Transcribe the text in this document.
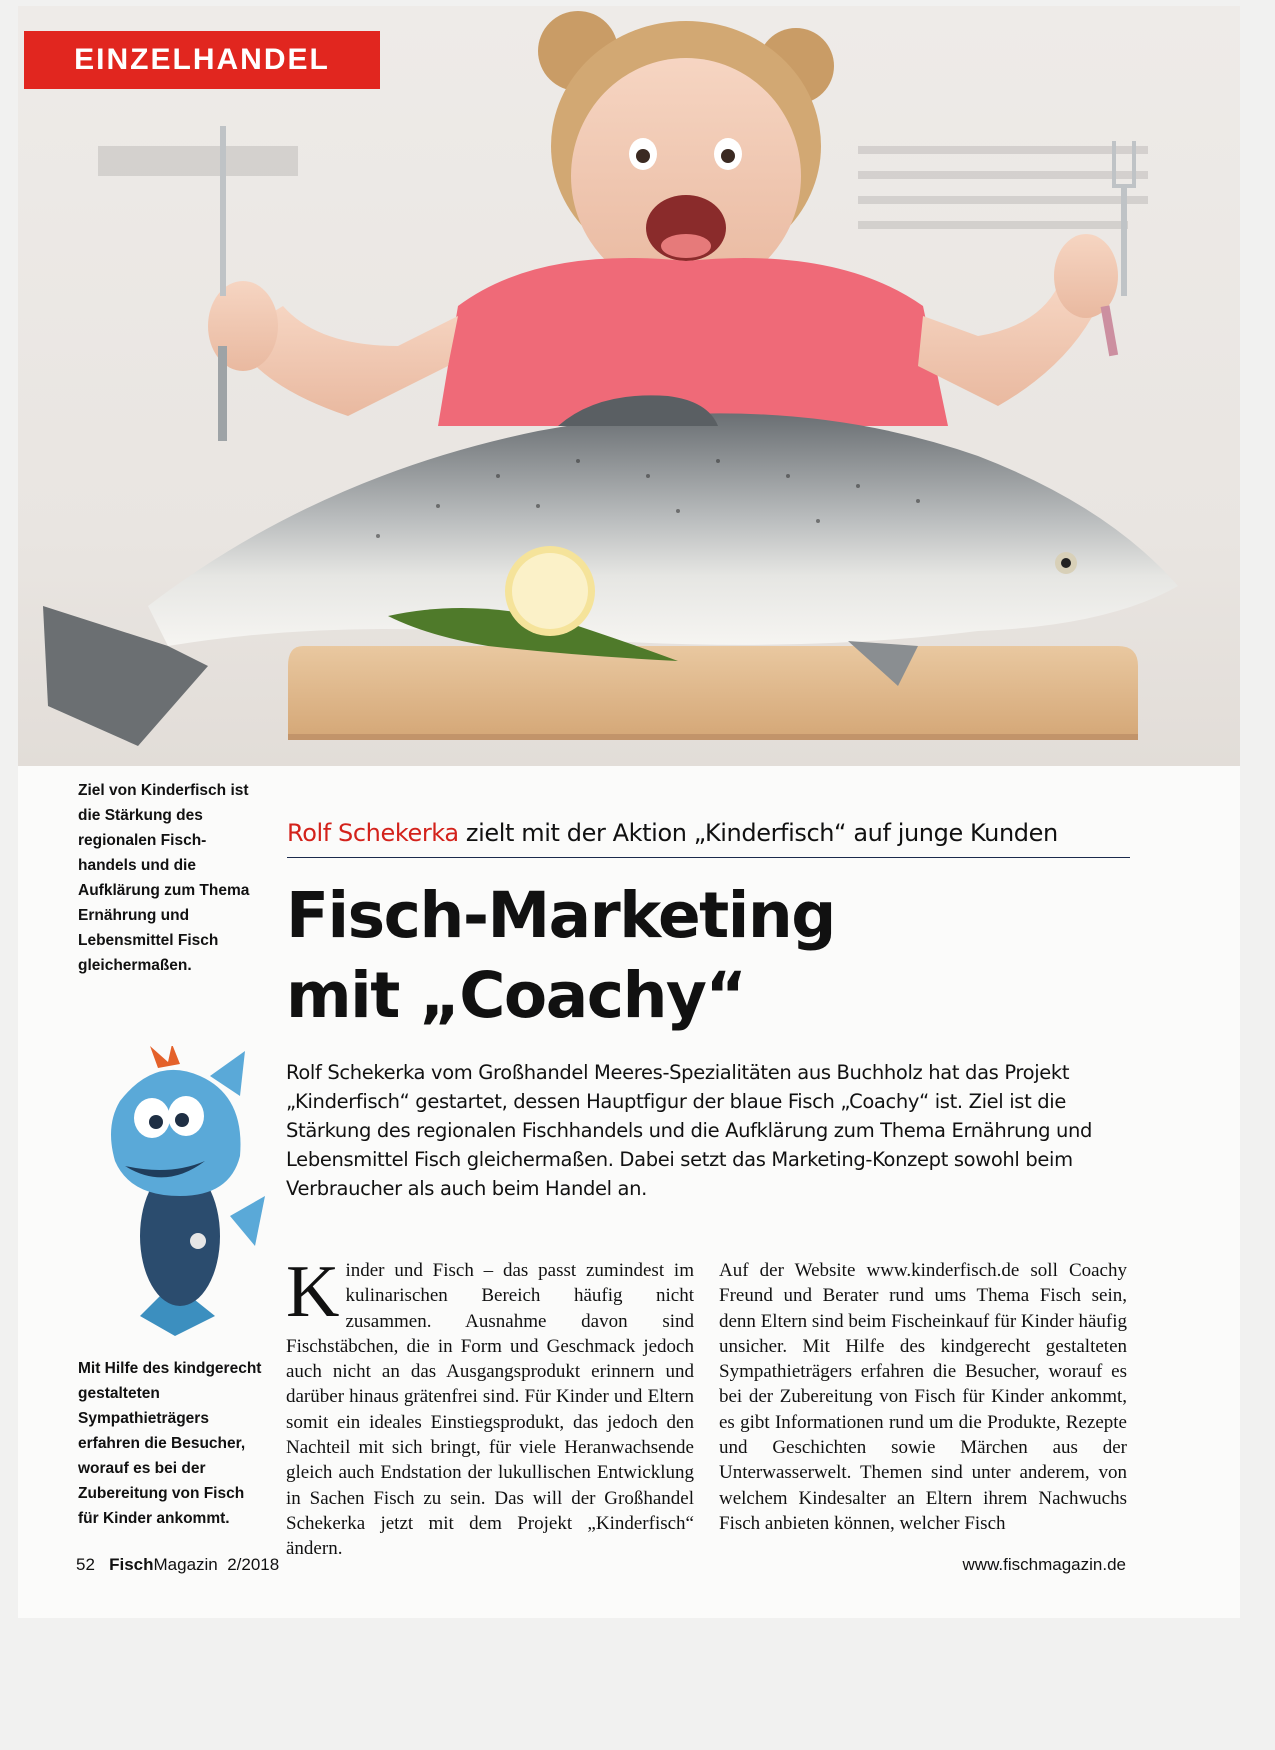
EINZELHANDEL
Ziel von Kinderfisch ist die Stärkung des regionalen Fisch-handels und die Aufklärung zum Thema Ernährung und Lebensmittel Fisch gleichermaßen.
Mit Hilfe des kindgerecht gestalteten Sympathieträgers erfahren die Besucher, worauf es bei der Zubereitung von Fisch für Kinder ankommt.
Rolf Schekerka zielt mit der Aktion „Kinderfisch“ auf junge Kunden
Fisch-Marketing
mit „Coachy“
Rolf Schekerka vom Großhandel Meeres-Spezialitäten aus Buchholz hat das Projekt „Kinderfisch“ gestartet, dessen Hauptfigur der blaue Fisch „Coachy“ ist. Ziel ist die Stärkung des regionalen Fischhandels und die Aufklärung zum Thema Ernährung und Lebensmittel Fisch gleichermaßen. Dabei setzt das Marketing-Konzept sowohl beim Verbraucher als auch beim Handel an.
Kinder und Fisch – das passt zumindest im kulinarischen Bereich häufig nicht zusammen. Ausnahme davon sind Fischstäbchen, die in Form und Geschmack jedoch auch nicht an das Ausgangsprodukt erinnern und darüber hinaus grätenfrei sind. Für Kinder und Eltern somit ein ideales Einstiegsprodukt, das jedoch den Nachteil mit sich bringt, für viele Heranwachsende gleich auch Endstation der lukullischen Entwicklung in Sachen Fisch zu sein. Das will der Großhandel Schekerka jetzt mit dem Projekt „Kinderfisch“ ändern.
Auf der Website www.kinderfisch.de soll Coachy Freund und Berater rund ums Thema Fisch sein, denn Eltern sind beim Fischeinkauf für Kinder häufig unsicher. Mit Hilfe des kindgerecht gestalteten Sympathieträgers erfahren die Besucher, worauf es bei der Zubereitung von Fisch für Kinder ankommt, es gibt Informationen rund um die Produkte, Rezepte und Geschichten sowie Märchen aus der Unterwasserwelt. Themen sind unter anderem, von welchem Kindesalter an Eltern ihrem Nachwuchs Fisch anbieten können, welcher Fisch
52 FischMagazin 2/2018	www.fischmagazin.de
